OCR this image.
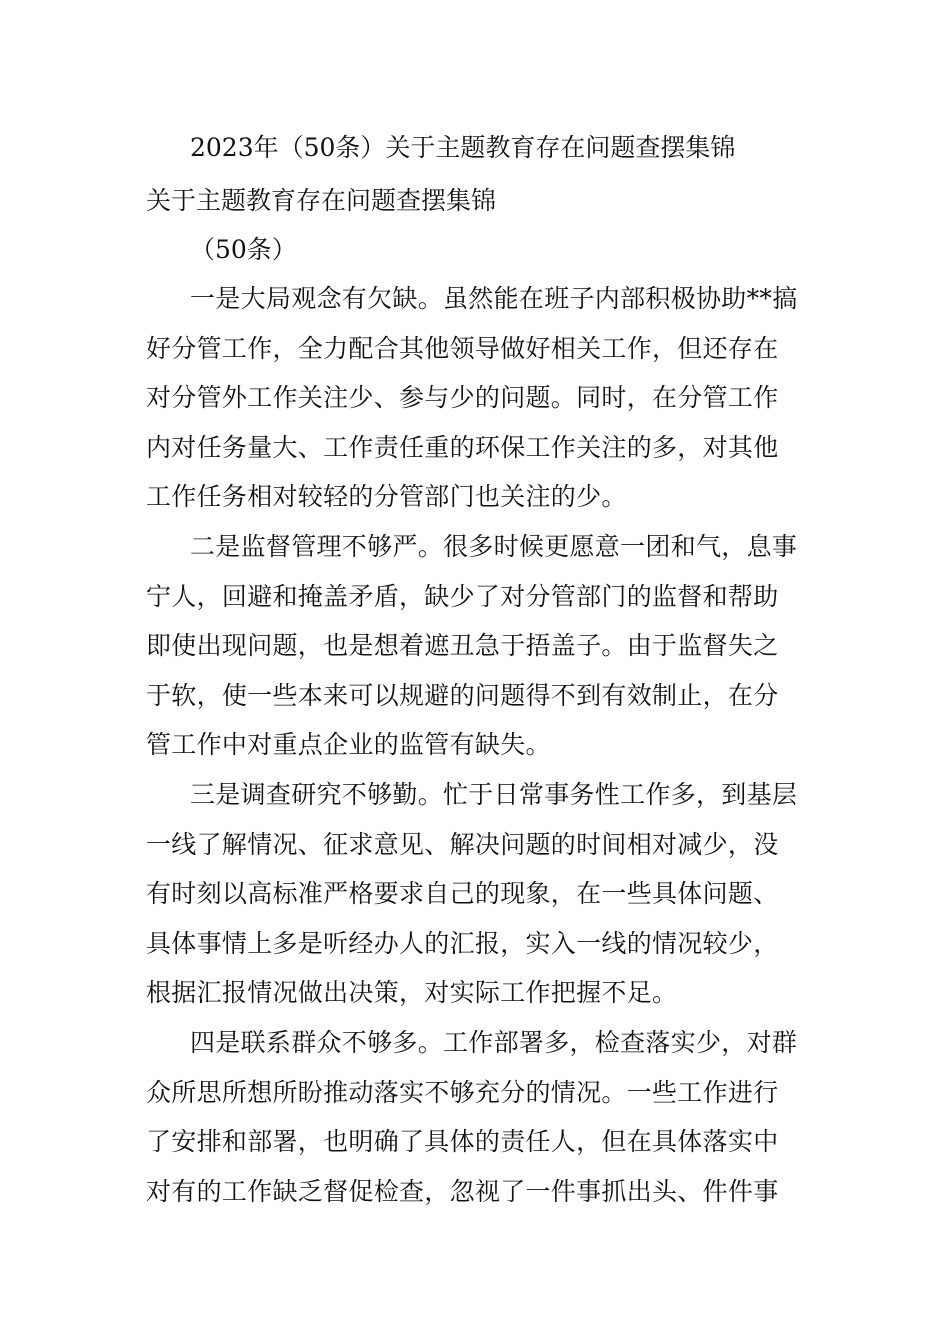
2023年（50条）关于主题教育存在问题查摆集锦
关于主题教育存在问题查摆集锦
（50条）
一是大局观念有欠缺。虽然能在班子内部积极协助**搞
好分管工作，全力配合其他领导做好相关工作，但还存在
对分管外工作关注少、参与少的问题。同时，在分管工作
内对任务量大、工作责任重的环保工作关注的多，对其他
工作任务相对较轻的分管部门也关注的少。
二是监督管理不够严。很多时候更愿意一团和气，息事
宁人，回避和掩盖矛盾，缺少了对分管部门的监督和帮助
即使出现问题，也是想着遮丑急于捂盖子。由于监督失之
于软，使一些本来可以规避的问题得不到有效制止，在分
管工作中对重点企业的监管有缺失。
三是调查研究不够勤。忙于日常事务性工作多，到基层
一线了解情况、征求意见、解决问题的时间相对减少，没
有时刻以高标准严格要求自己的现象，在一些具体问题、
具体事情上多是听经办人的汇报，实入一线的情况较少，
根据汇报情况做出决策，对实际工作把握不足。
四是联系群众不够多。工作部署多，检查落实少，对群
众所思所想所盼推动落实不够充分的情况。一些工作进行
了安排和部署，也明确了具体的责任人，但在具体落实中
对有的工作缺乏督促检查，忽视了一件事抓出头、件件事
